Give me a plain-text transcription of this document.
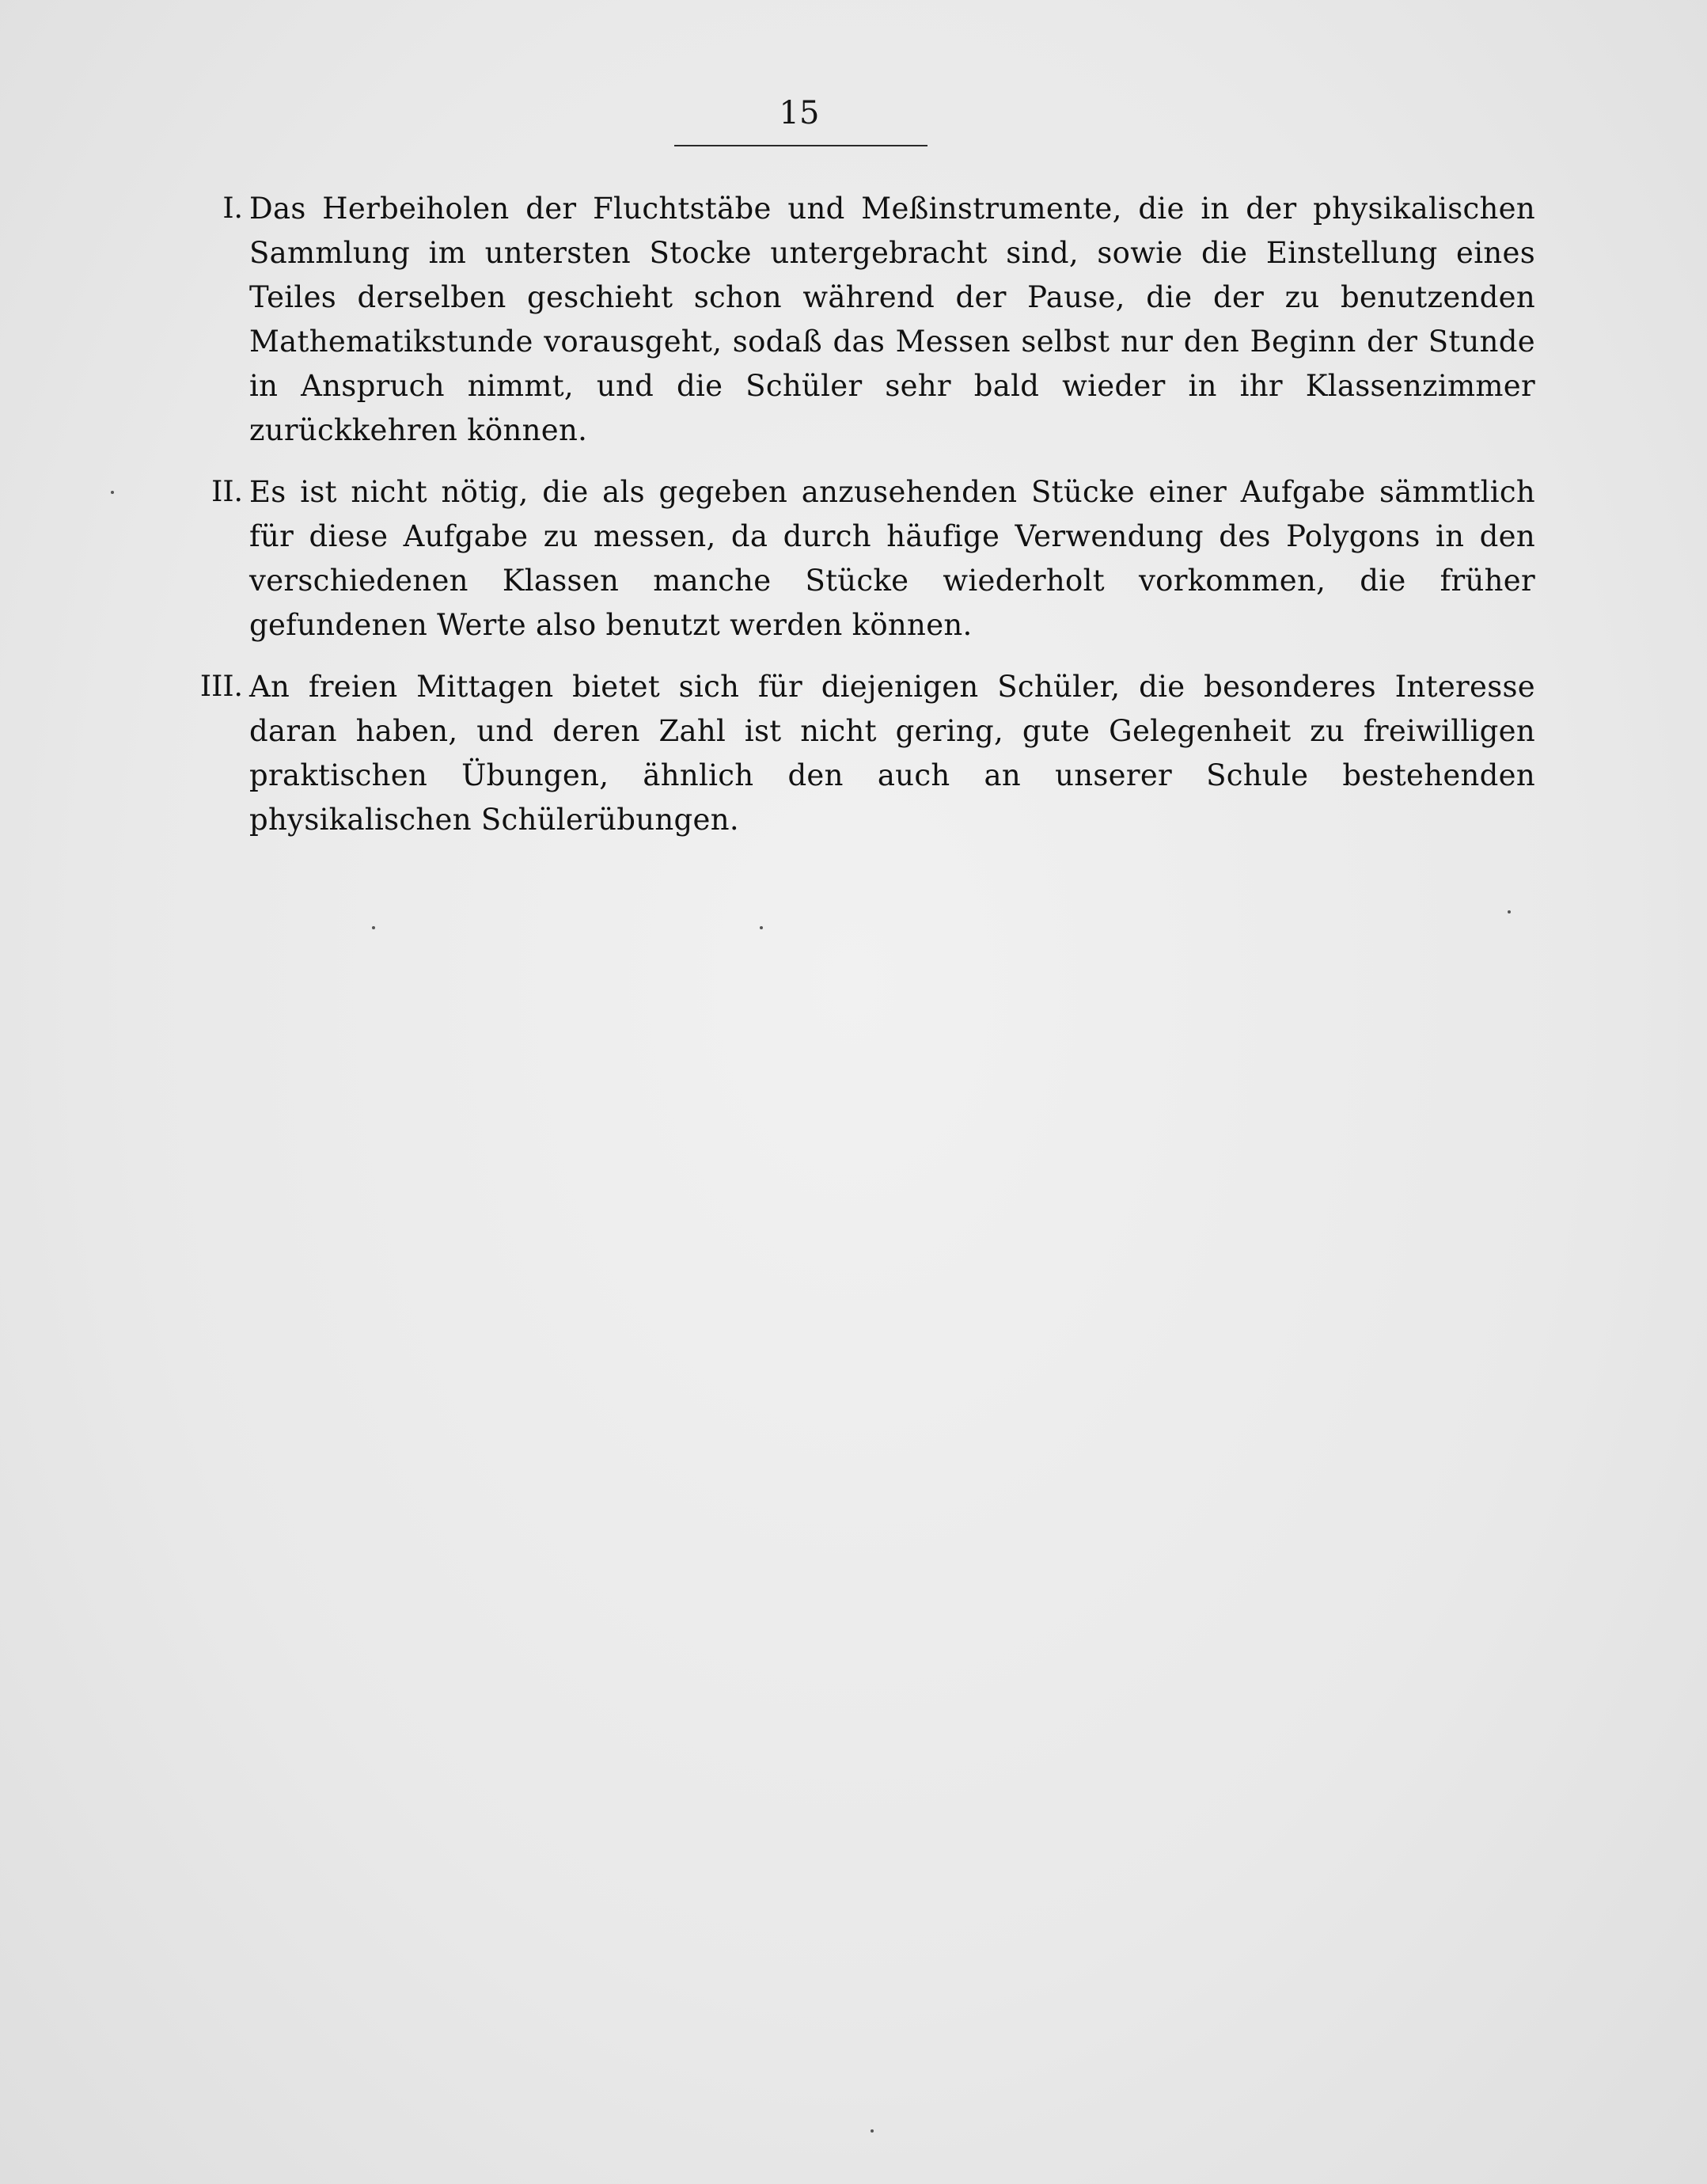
15
I. Das Herbeiholen der Fluchtstäbe und Meßinstrumente, die in der physikalischen Sammlung im untersten Stocke untergebracht sind, sowie die Einstellung eines Teiles derselben geschieht schon während der Pause, die der zu benutzenden Mathematikstunde vorausgeht, sodaß das Messen selbst nur den Beginn der Stunde in Anspruch nimmt, und die Schüler sehr bald wieder in ihr Klassenzimmer zurückkehren können.
II. Es ist nicht nötig, die als gegeben anzusehenden Stücke einer Aufgabe sämmtlich für diese Aufgabe zu messen, da durch häufige Verwendung des Polygons in den verschiedenen Klassen manche Stücke wiederholt vorkommen, die früher gefundenen Werte also benutzt werden können.
III. An freien Mittagen bietet sich für diejenigen Schüler, die besonderes Interesse daran haben, und deren Zahl ist nicht gering, gute Gelegenheit zu freiwilligen praktischen Übungen, ähnlich den auch an unserer Schule bestehenden physikalischen Schülerübungen.
